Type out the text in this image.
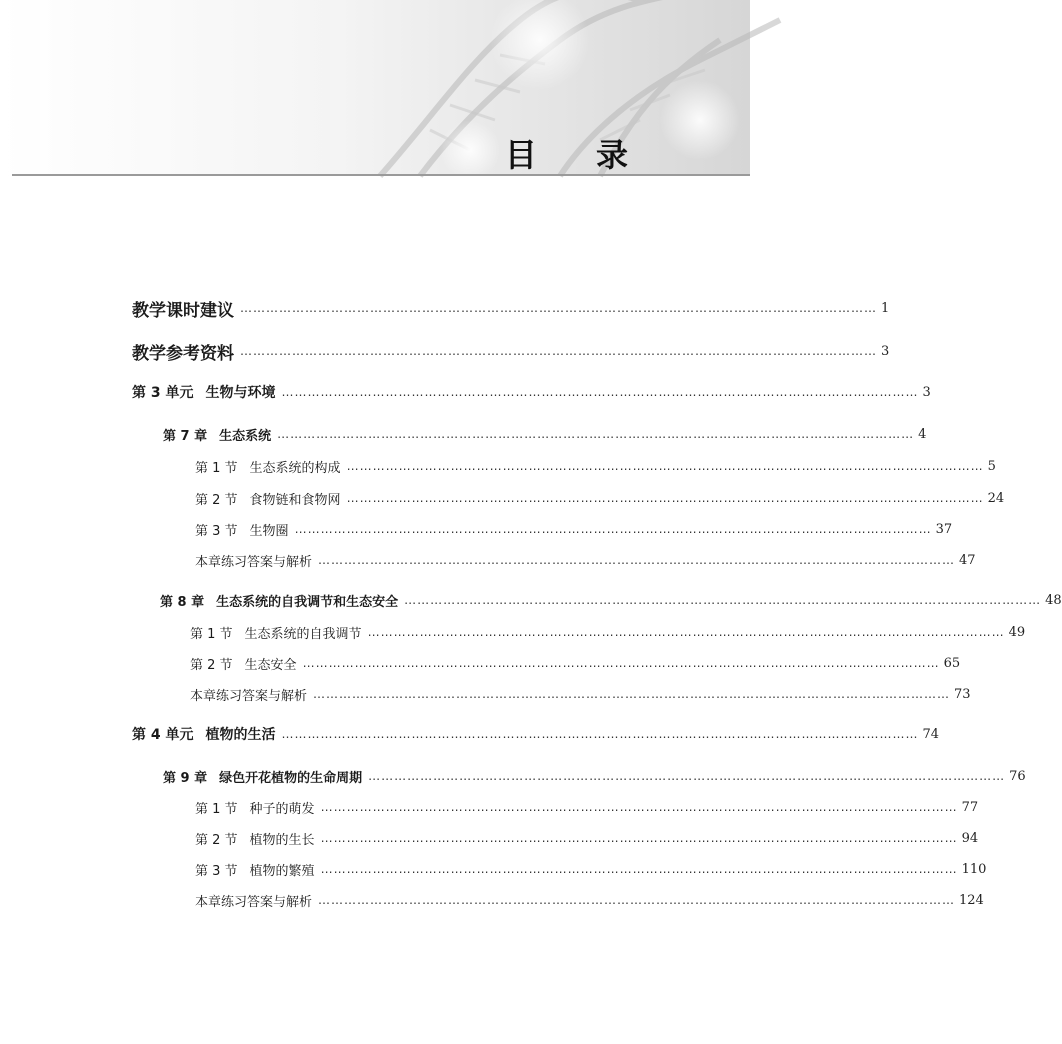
目 录
教学课时建议 ………………………………………………………………………………………………………………………………… 1
教学参考资料 ………………………………………………………………………………………………………………………………… 3
第 3 单元 生物与环境 ………………………………………………………………………………………………………………………………… 3
第 7 章 生态系统 ………………………………………………………………………………………………………………………………… 4
第 1 节 生态系统的构成 ………………………………………………………………………………………………………………………………… 5
第 2 节 食物链和食物网 ………………………………………………………………………………………………………………………………… 24
第 3 节 生物圈 ………………………………………………………………………………………………………………………………… 37
本章练习答案与解析 ………………………………………………………………………………………………………………………………… 47
第 8 章 生态系统的自我调节和生态安全 ………………………………………………………………………………………………………………………………… 48
第 1 节 生态系统的自我调节 ………………………………………………………………………………………………………………………………… 49
第 2 节 生态安全 ………………………………………………………………………………………………………………………………… 65
本章练习答案与解析 ………………………………………………………………………………………………………………………………… 73
第 4 单元 植物的生活 ………………………………………………………………………………………………………………………………… 74
第 9 章 绿色开花植物的生命周期 ………………………………………………………………………………………………………………………………… 76
第 1 节 种子的萌发 ………………………………………………………………………………………………………………………………… 77
第 2 节 植物的生长 ………………………………………………………………………………………………………………………………… 94
第 3 节 植物的繁殖 ………………………………………………………………………………………………………………………………… 110
本章练习答案与解析 ………………………………………………………………………………………………………………………………… 124
